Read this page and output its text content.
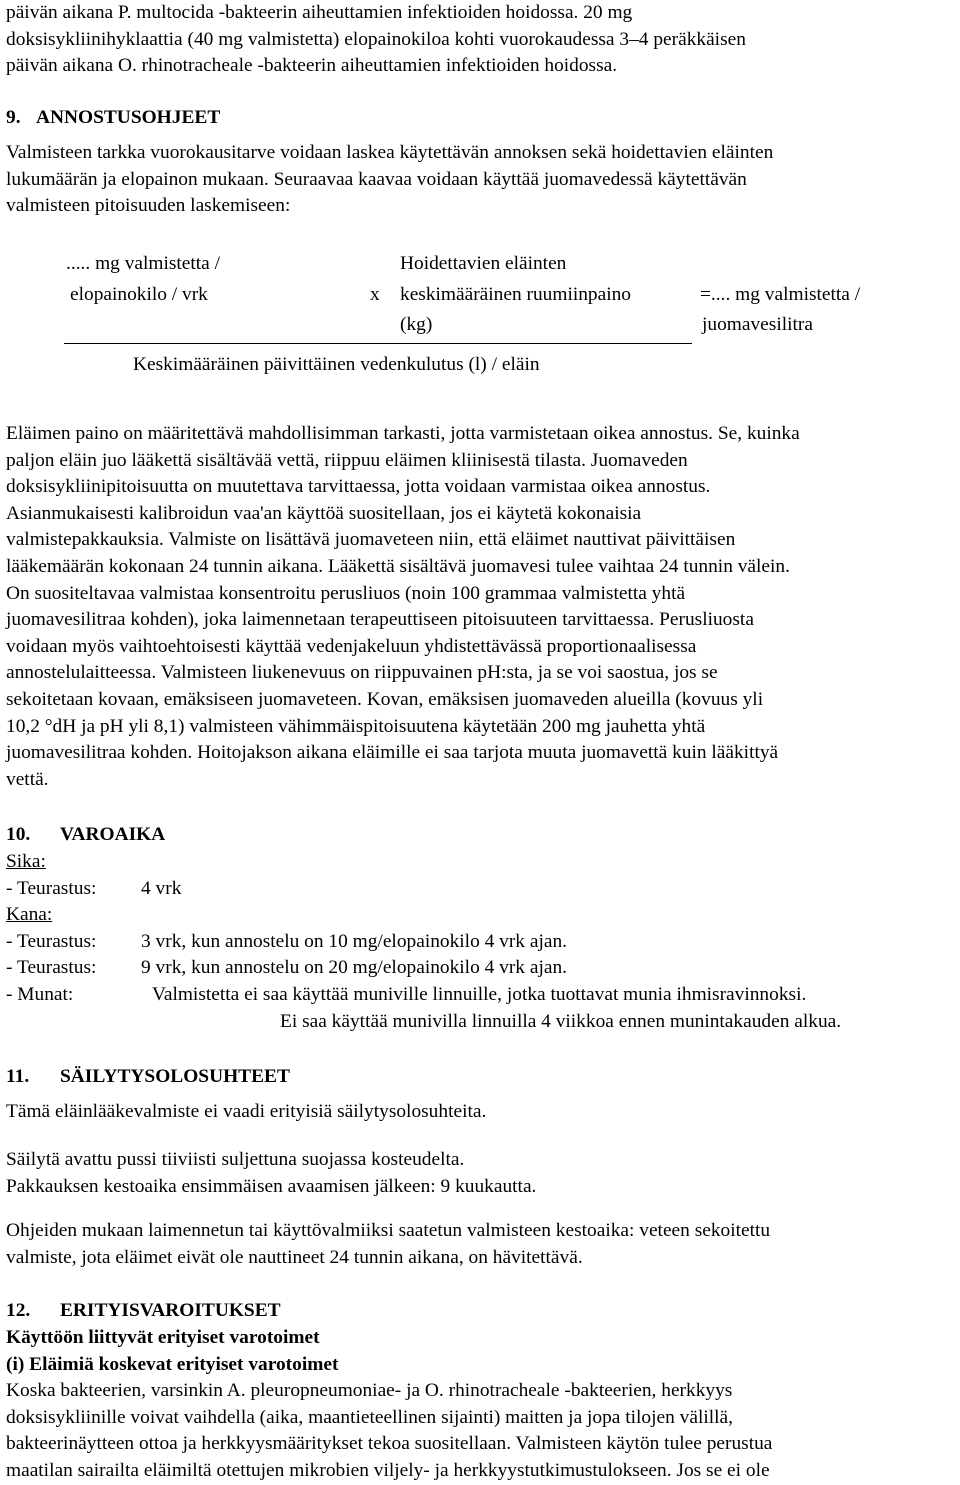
päivän aikana P. multocida -bakteerin aiheuttamien infektioiden hoidossa. 20 mg
doksisykliinihyklaattia (40 mg valmistetta) elopainokiloa kohti vuorokaudessa 3–4 peräkkäisen
päivän aikana O. rhinotracheale -bakteerin aiheuttamien infektioiden hoidossa.
9. ANNOSTUSOHJEET
Valmisteen tarkka vuorokausitarve voidaan laskea käytettävän annoksen sekä hoidettavien eläinten
lukumäärän ja elopainon mukaan. Seuraavaa kaavaa voidaan käyttää juomavedessä käytettävän
valmisteen pitoisuuden laskemiseen:
..... mg valmistetta /
elopainokilo / vrk	x
Hoidettavien eläinten
keskimääräinen ruumiinpaino
(kg)
=.... mg valmistetta /
juomavesilitra
Keskimääräinen päivittäinen vedenkulutus (l) / eläin
Eläimen paino on määritettävä mahdollisimman tarkasti, jotta varmistetaan oikea annostus. Se, kuinka
paljon eläin juo lääkettä sisältävää vettä, riippuu eläimen kliinisestä tilasta. Juomaveden
doksisykliinipitoisuutta on muutettava tarvittaessa, jotta voidaan varmistaa oikea annostus.
Asianmukaisesti kalibroidun vaa'an käyttöä suositellaan, jos ei käytetä kokonaisia
valmistepakkauksia. Valmiste on lisättävä juomaveteen niin, että eläimet nauttivat päivittäisen
lääkemäärän kokonaan 24 tunnin aikana. Lääkettä sisältävä juomavesi tulee vaihtaa 24 tunnin välein.
On suositeltavaa valmistaa konsentroitu perusliuos (noin 100 grammaa valmistetta yhtä
juomavesilitraa kohden), joka laimennetaan terapeuttiseen pitoisuuteen tarvittaessa. Perusliuosta
voidaan myös vaihtoehtoisesti käyttää vedenjakeluun yhdistettävässä proportionaalisessa
annostelulaitteessa. Valmisteen liukenevuus on riippuvainen pH:sta, ja se voi saostua, jos se
sekoitetaan kovaan, emäksiseen juomaveteen. Kovan, emäksisen juomaveden alueilla (kovuus yli
10,2 °dH ja pH yli 8,1) valmisteen vähimmäispitoisuutena käytetään 200 mg jauhetta yhtä
juomavesilitraa kohden. Hoitojakson aikana eläimille ei saa tarjota muuta juomavettä kuin lääkittyä
vettä.
10. VAROAIKA
Sika:
- Teurastus: 4 vrk
Kana:
- Teurastus: 3 vrk, kun annostelu on 10 mg/elopainokilo 4 vrk ajan.
- Teurastus: 9 vrk, kun annostelu on 20 mg/elopainokilo 4 vrk ajan.
- Munat:	Valmistetta ei saa käyttää muniville linnuille, jotka tuottavat munia ihmisravinnoksi.
Ei saa käyttää munivilla linnuilla 4 viikkoa ennen munintakauden alkua.
11. SÄILYTYSOLOSUHTEET
Tämä eläinlääkevalmiste ei vaadi erityisiä säilytysolosuhteita.
Säilytä avattu pussi tiiviisti suljettuna suojassa kosteudelta.
Pakkauksen kestoaika ensimmäisen avaamisen jälkeen: 9 kuukautta.
Ohjeiden mukaan laimennetun tai käyttövalmiiksi saatetun valmisteen kestoaika: veteen sekoitettu
valmiste, jota eläimet eivät ole nauttineet 24 tunnin aikana, on hävitettävä.
12. ERITYISVAROITUKSET
Käyttöön liittyvät erityiset varotoimet
(i) Eläimiä koskevat erityiset varotoimet
Koska bakteerien, varsinkin A. pleuropneumoniae- ja O. rhinotracheale -bakteerien, herkkyys
doksisykliinille voivat vaihdella (aika, maantieteellinen sijainti) maitten ja jopa tilojen välillä,
bakteerinäytteen ottoa ja herkkyysmääritykset tekoa suositellaan. Valmisteen käytön tulee perustua
maatilan sairailta eläimiltä otettujen mikrobien viljely- ja herkkyystutkimustulokseen. Jos se ei ole
